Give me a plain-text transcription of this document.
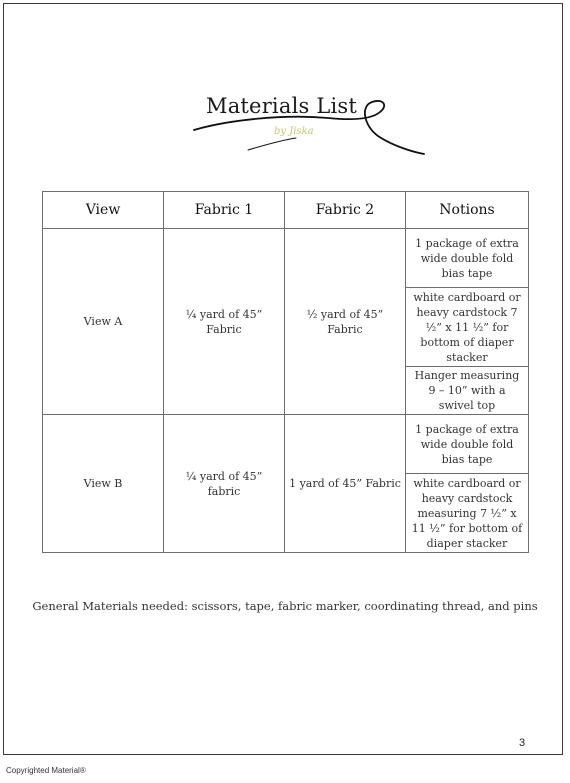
Materials List
by Jiska
View	Fabric 1	Fabric 2	Notions
View A	¼ yard of 45” Fabric	½ yard of 45” Fabric	1 package of extra wide double fold bias tape
			white cardboard or heavy cardstock 7 ½” x 11 ½” for bottom of diaper stacker
			Hanger measuring 9 – 10” with a swivel top
View B	¼ yard of 45” fabric	1 yard of 45” Fabric	1 package of extra wide double fold bias tape
			white cardboard or heavy cardstock measuring 7 ½” x 11 ½” for bottom of diaper stacker
General Materials needed: scissors, tape, fabric marker, coordinating thread, and pins
3
Copyrighted Material®
